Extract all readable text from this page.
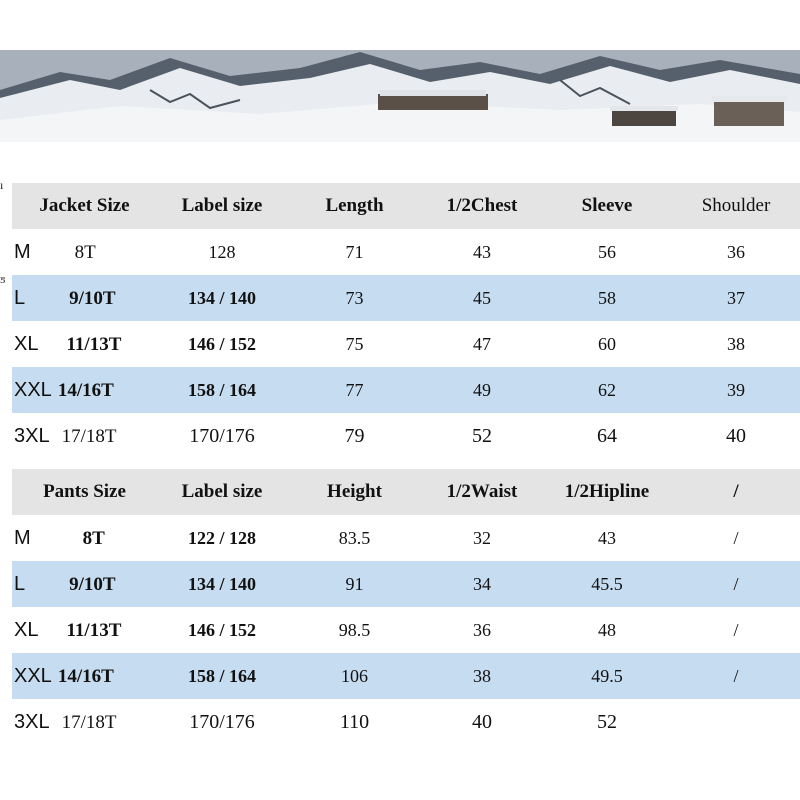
ı
ƽ
Jacket Size	Label size	Length	1/2Chest	Sleeve	Shoulder
M 8T	128	71	43	56	36
L 9/10T	134 / 140	73	45	58	37
XL 11/13T	146 / 152	75	47	60	38
XXL 14/16T	158 / 164	77	49	62	39
3XL 17/18T	170/176	79	52	64	40
Pants Size	Label size	Height	1/2Waist	1/2Hipline	/
M 8T	122 / 128	83.5	32	43	/
L 9/10T	134 / 140	91	34	45.5	/
XL 11/13T	146 / 152	98.5	36	48	/
XXL 14/16T	158 / 164	106	38	49.5	/
3XL 17/18T	170/176	110	40	52	
